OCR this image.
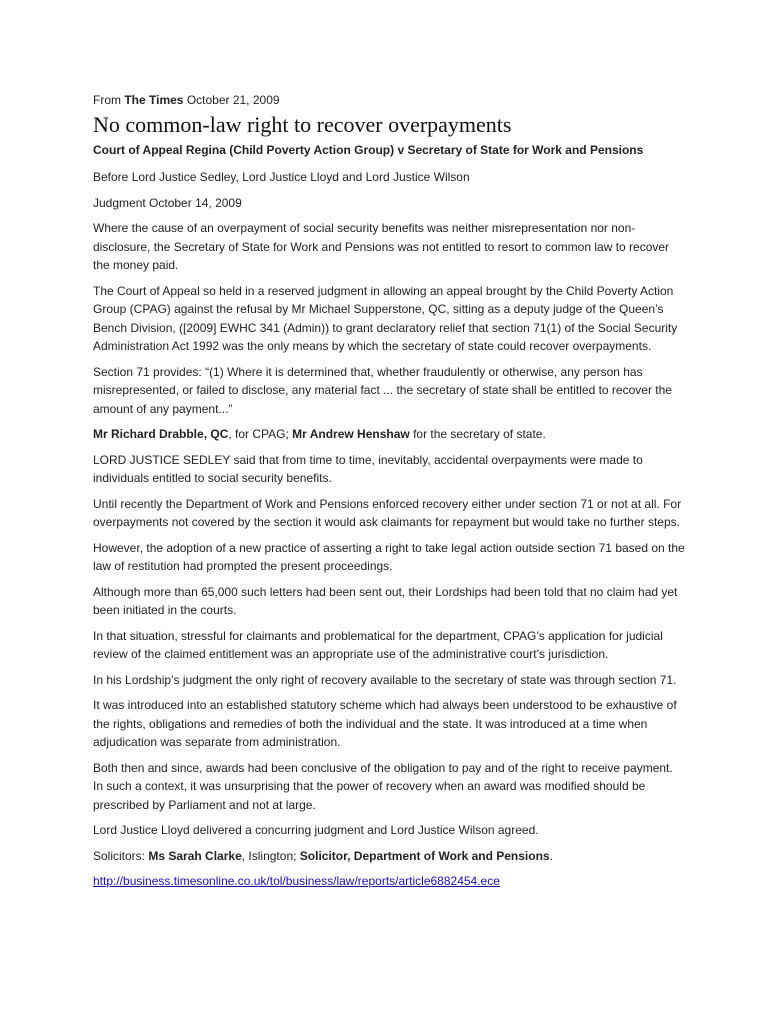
From The Times October 21, 2009

No common-law right to recover overpayments

Court of Appeal Regina (Child Poverty Action Group) v Secretary of State for Work and Pensions

Before Lord Justice Sedley, Lord Justice Lloyd and Lord Justice Wilson

Judgment October 14, 2009

Where the cause of an overpayment of social security benefits was neither misrepresentation nor non-disclosure, the Secretary of State for Work and Pensions was not entitled to resort to common law to recover the money paid.

The Court of Appeal so held in a reserved judgment in allowing an appeal brought by the Child Poverty Action Group (CPAG) against the refusal by Mr Michael Supperstone, QC, sitting as a deputy judge of the Queen’s Bench Division, ([2009] EWHC 341 (Admin)) to grant declaratory relief that section 71(1) of the Social Security Administration Act 1992 was the only means by which the secretary of state could recover overpayments.

Section 71 provides: “(1) Where it is determined that, whether fraudulently or otherwise, any person has misrepresented, or failed to disclose, any material fact ... the secretary of state shall be entitled to recover the amount of any payment...”

Mr Richard Drabble, QC, for CPAG; Mr Andrew Henshaw for the secretary of state.

LORD JUSTICE SEDLEY said that from time to time, inevitably, accidental overpayments were made to individuals entitled to social security benefits.

Until recently the Department of Work and Pensions enforced recovery either under section 71 or not at all. For overpayments not covered by the section it would ask claimants for repayment but would take no further steps.

However, the adoption of a new practice of asserting a right to take legal action outside section 71 based on the law of restitution had prompted the present proceedings.

Although more than 65,000 such letters had been sent out, their Lordships had been told that no claim had yet been initiated in the courts.

In that situation, stressful for claimants and problematical for the department, CPAG’s application for judicial review of the claimed entitlement was an appropriate use of the administrative court’s jurisdiction.

In his Lordship’s judgment the only right of recovery available to the secretary of state was through section 71.

It was introduced into an established statutory scheme which had always been understood to be exhaustive of the rights, obligations and remedies of both the individual and the state. It was introduced at a time when adjudication was separate from administration.

Both then and since, awards had been conclusive of the obligation to pay and of the right to receive payment. In such a context, it was unsurprising that the power of recovery when an award was modified should be prescribed by Parliament and not at large.

Lord Justice Lloyd delivered a concurring judgment and Lord Justice Wilson agreed.

Solicitors: Ms Sarah Clarke, Islington; Solicitor, Department of Work and Pensions.

http://business.timesonline.co.uk/tol/business/law/reports/article6882454.ece
